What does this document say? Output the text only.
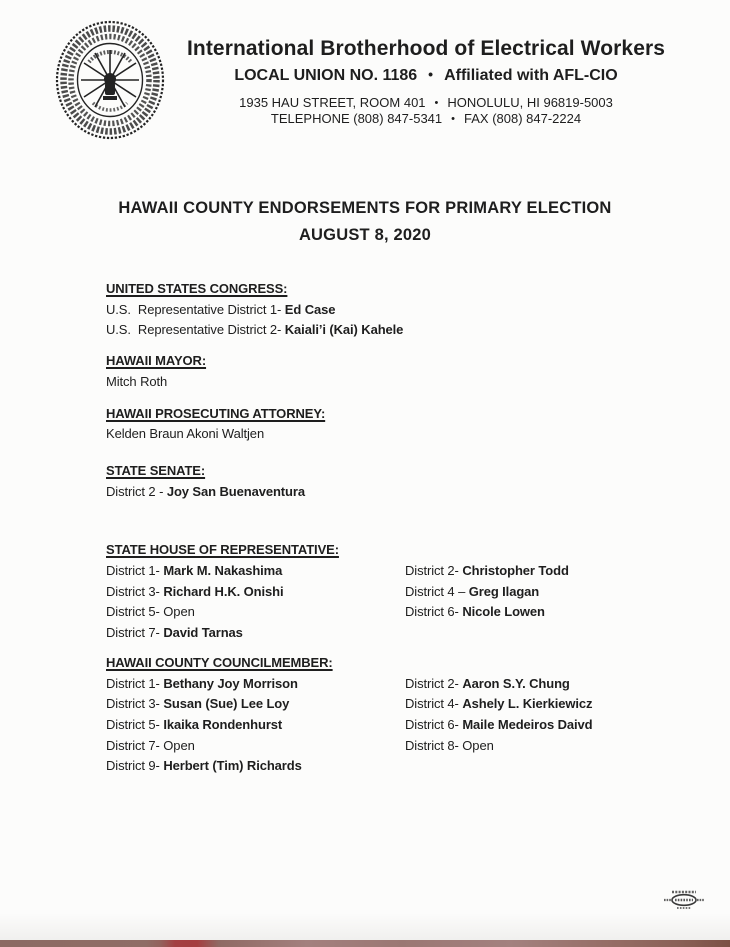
International Brotherhood of Electrical Workers
LOCAL UNION NO. 1186 • Affiliated with AFL-CIO
1935 HAU STREET, ROOM 401 • HONOLULU, HI 96819-5003
TELEPHONE (808) 847-5341 • FAX (808) 847-2224
HAWAII COUNTY ENDORSEMENTS FOR PRIMARY ELECTION
AUGUST 8, 2020
UNITED STATES CONGRESS:
U.S.  Representative District 1- Ed Case
U.S.  Representative District 2- Kaiali’i (Kai) Kahele
HAWAII MAYOR:
Mitch Roth
HAWAII PROSECUTING ATTORNEY:
Kelden Braun Akoni Waltjen
STATE SENATE:
District 2 - Joy San Buenaventura
STATE HOUSE OF REPRESENTATIVE:
District 1- Mark M. Nakashima	District 2- Christopher Todd
District 3- Richard H.K. Onishi	District 4 – Greg Ilagan
District 5- Open	District 6- Nicole Lowen
District 7- David Tarnas
HAWAII COUNTY COUNCILMEMBER:
District 1- Bethany Joy Morrison	District 2- Aaron S.Y. Chung
District 3- Susan (Sue) Lee Loy	District 4- Ashely L. Kierkiewicz
District 5- Ikaika Rondenhurst	District 6- Maile Medeiros Daivd
District 7- Open	District 8- Open
District 9- Herbert (Tim) Richards
